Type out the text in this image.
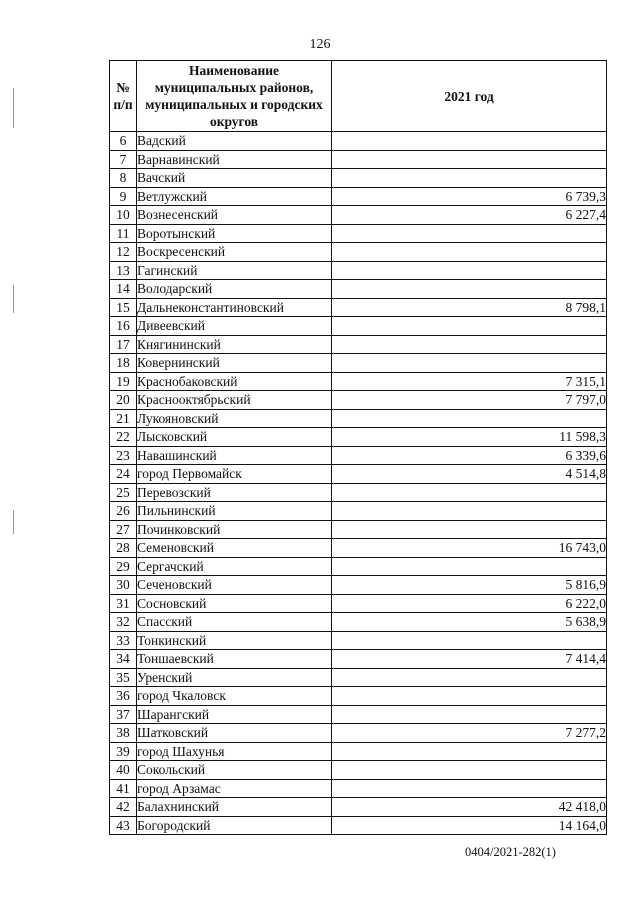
126
№ п/п	Наименование муниципальных районов, муниципальных и городских округов	2021 год
6	Вадский	
7	Варнавинский	
8	Вачский	
9	Ветлужский	6 739,3
10	Вознесенский	6 227,4
11	Воротынский	
12	Воскресенский	
13	Гагинский	
14	Володарский	
15	Дальнеконстантиновский	8 798,1
16	Дивеевский	
17	Княгининский	
18	Ковернинский	
19	Краснобаковский	7 315,1
20	Краснооктябрьский	7 797,0
21	Лукояновский	
22	Лысковский	11 598,3
23	Навашинский	6 339,6
24	город Первомайск	4 514,8
25	Перевозский	
26	Пильнинский	
27	Починковский	
28	Семеновский	16 743,0
29	Сергачский	
30	Сеченовский	5 816,9
31	Сосновский	6 222,0
32	Спасский	5 638,9
33	Тонкинский	
34	Тоншаевский	7 414,4
35	Уренский	
36	город Чкаловск	
37	Шарангский	
38	Шатковский	7 277,2
39	город Шахунья	
40	Сокольский	
41	город Арзамас	
42	Балахнинский	42 418,0
43	Богородский	14 164,0
0404/2021-282(1)
